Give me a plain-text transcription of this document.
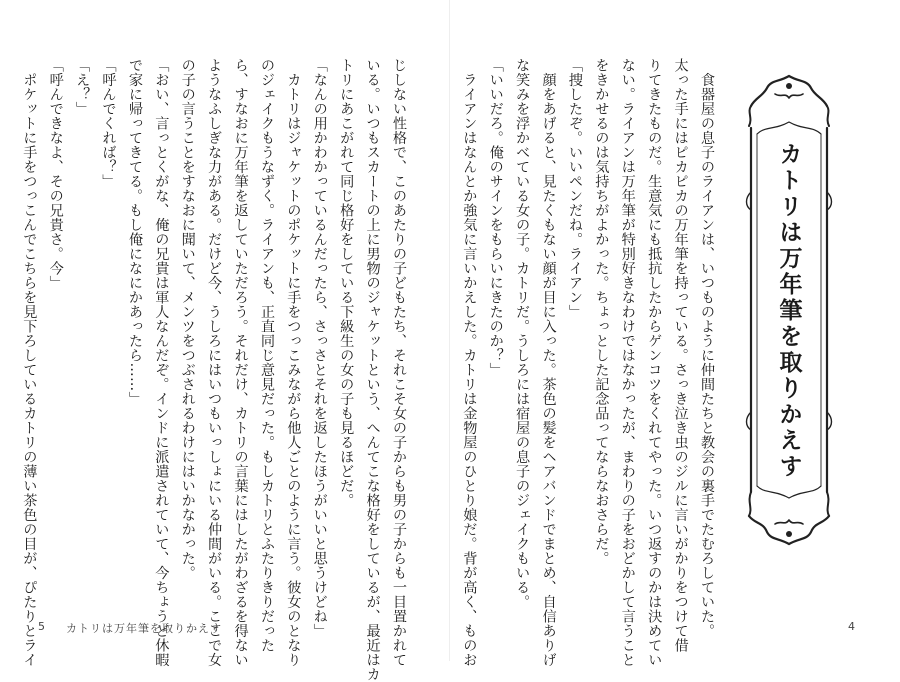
じしない性格で、このあたりの子どもたち、それこそ女の子からも男の子からも一目置かれて

いる。いつもスカートの上に男物のジャケットという、へんてこな格好をしているが、最近はカ

トリにあこがれて同じ格好をしている下級生の女の子も見るほどだ。

「なんの用かわかっているんだったら、さっさとそれを返したほうがいいと思うけどね」

　カトリはジャケットのポケットに手をつっこみながら他人ごとのように言う。彼女のとなり

のジェイクもうなずく。ライアンも、正直同じ意見だった。もしカトリとふたりきりだった

ら、すなおに万年筆を返していただろう。それだけ、カトリの言葉にはしたがわざるを得ない

ようなふしぎな力がある。だけど今、うしろにはいつもいっしょにいる仲間がいる。ここで女

の子の言うことをすなおに聞いて、メンツをつぶされるわけにはいかなかった。

「おい、言っとくがな、俺の兄貴は軍人なんだぞ。インドに派遣されていて、今ちょうど休暇

で家に帰ってきてる。もし俺になにかあったら……」

「呼んでくれば？」

「え？」

「呼んできなよ、その兄貴さ。今」

　ポケットに手をつっこんでこちらを見下ろしているカトリの薄い茶色の目が、ぴたりとライ 5 カトリは万年筆を取りかえす	　食器屋の息子のライアンは、いつものように仲間たちと教会の裏手でたむろしていた。

太った手にはピカピカの万年筆を持っている。さっき泣き虫のジルに言いがかりをつけて借

りてきたものだ。生意気にも抵抗したからゲンコツをくれてやった。いつ返すのかは決めてい

ない。ライアンは万年筆が特別好きなわけではなかったが、まわりの子をおどかして言うこと

をきかせるのは気持ちがよかった。ちょっとした記念品ってならなおさらだ。

「捜したぞ。いいペンだね。ライアン」

　顔をあげると、見たくもない顔が目に入った。茶色の髪をヘアバンドでまとめ、自信ありげ

な笑みを浮かべている女の子。カトリだ。うしろには宿屋の息子のジェイクもいる。

「いいだろ。俺のサインをもらいにきたのか？」

　ライアンはなんとか強気に言いかえした。カトリは金物屋のひとり娘だ。背が高く、ものお	4
カトリは万年筆を取りかえす
